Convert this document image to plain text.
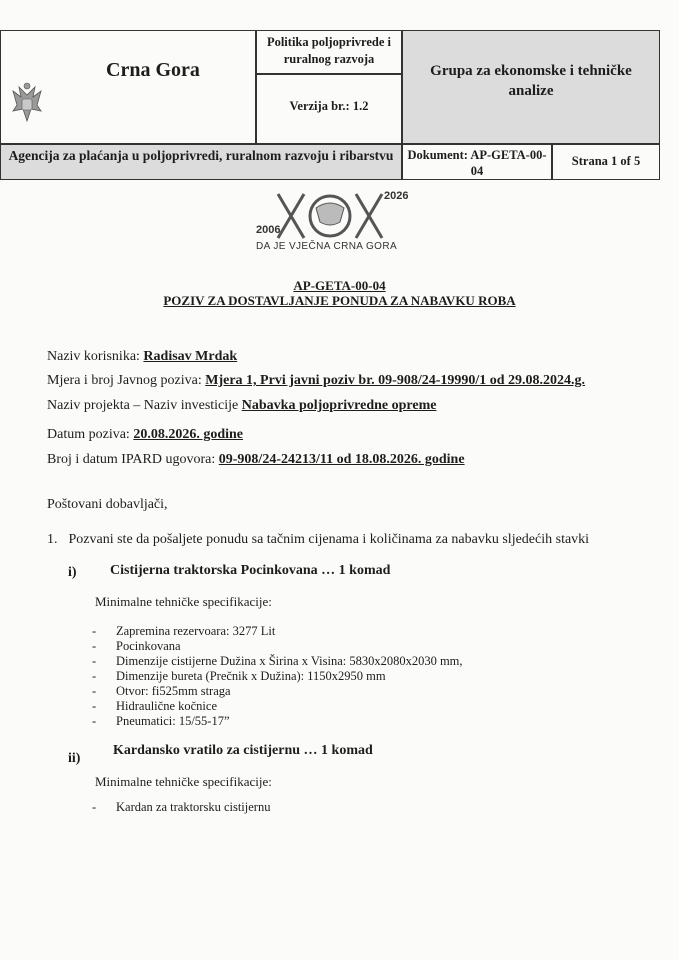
Crna Gora
Politika poljoprivrede i ruralnog razvoja
Verzija br.: 1.2
Grupa za ekonomske i tehničke analize
Agencija za plaćanja u poljoprivredi, ruralnom razvoju i ribarstvu Dokument: AP-GETA-00-04
Strana 1 of 5
2006
2026
DA JE VJEČNA CRNA GORA
AP-GETA-00-04
POZIV ZA DOSTAVLJANJE PONUDA ZA NABAVKU ROBA
Naziv korisnika: Radisav Mrdak
Mjera i broj Javnog poziva: Mjera 1, Prvi javni poziv br. 09-908/24-19990/1 od 29.08.2024.g.
Naziv projekta – Naziv investicije Nabavka poljoprivredne opreme
Datum poziva: 20.08.2026. godine
Broj i datum IPARD ugovora: 09-908/24-24213/11 od 18.08.2026. godine
Poštovani dobavljači,
1. Pozvani ste da pošaljete ponudu sa tačnim cijenama i količinama za nabavku sljedećih stavki
i) Cistijerna traktorska Pocinkovana … 1 komad
Minimalne tehničke specifikacije:
- Zapremina rezervoara: 3277 Lit
- Pocinkovana
- Dimenzije cistijerne Dužina x Širina x Visina: 5830x2080x2030 mm,
- Dimenzije bureta (Prečnik x Dužina): 1150x2950 mm
- Otvor: fi525mm straga
- Hidraulične kočnice
- Pneumatici: 15/55-17”
ii)
Kardansko vratilo za cistijernu … 1 komad
Minimalne tehničke specifikacije:
- Kardan za traktorsku cistijernu
